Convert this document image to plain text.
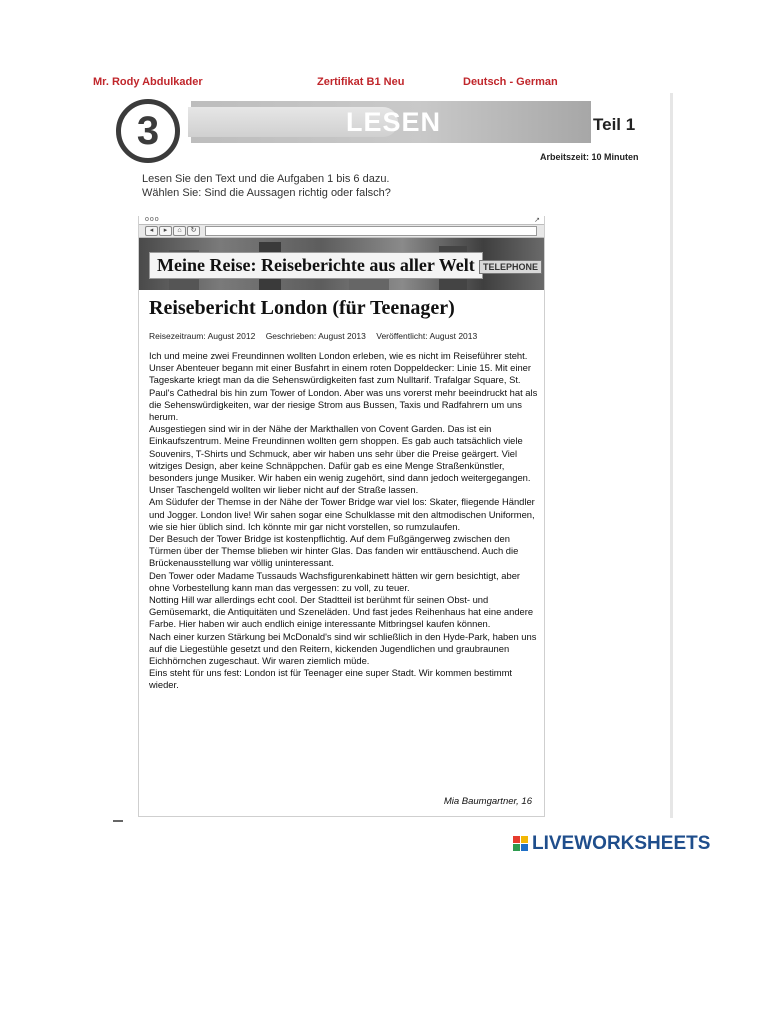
Mr. Rody Abdulkader	Zertifikat B1 Neu	Deutsch - German
3	LESEN	Teil 1
Arbeitszeit: 10 Minuten
Lesen Sie den Text und die Aufgaben 1 bis 6 dazu.
Wählen Sie: Sind die Aussagen richtig oder falsch?
ooo	↗
◂	▸	⌂	↻
Meine Reise: Reiseberichte aus aller Welt TELEPHONE
Reisebericht London (für Teenager)
Reisezeitraum: August 2012 Geschrieben: August 2013 Veröffentlicht: August 2013

Ich und meine zwei Freundinnen wollten London erleben, wie es nicht im Reiseführer steht. Unser Abenteuer begann mit einer Busfahrt in einem roten Doppeldecker: Linie 15. Mit einer Tageskarte kriegt man da die Sehenswürdigkeiten fast zum Nulltarif. Trafalgar Square, St. Paul's Cathedral bis hin zum Tower of London. Aber was uns vorerst mehr beeindruckt hat als die Sehenswürdigkeiten, war der riesige Strom aus Bussen, Taxis und Radfahrern um uns herum.

Ausgestiegen sind wir in der Nähe der Markthallen von Covent Garden. Das ist ein Einkaufszentrum. Meine Freundinnen wollten gern shoppen. Es gab auch tatsächlich viele Souvenirs, T-Shirts und Schmuck, aber wir haben uns sehr über die Preise geärgert. Viel witziges Design, aber keine Schnäppchen. Dafür gab es eine Menge Straßenkünstler, besonders junge Musiker. Wir haben ein wenig zugehört, sind dann jedoch weitergegangen. Unser Taschengeld wollten wir lieber nicht auf der Straße lassen.

Am Südufer der Themse in der Nähe der Tower Bridge war viel los: Skater, fliegende Händler und Jogger. London live! Wir sahen sogar eine Schulklasse mit den altmodischen Uniformen, wie sie hier üblich sind. Ich könnte mir gar nicht vorstellen, so rumzulaufen.

Der Besuch der Tower Bridge ist kostenpflichtig. Auf dem Fußgängerweg zwischen den Türmen über der Themse blieben wir hinter Glas. Das fanden wir enttäuschend. Auch die Brückenausstellung war völlig uninteressant.

Den Tower oder Madame Tussauds Wachsfigurenkabinett hätten wir gern besichtigt, aber ohne Vorbestellung kann man das vergessen: zu voll, zu teuer.

Notting Hill war allerdings echt cool. Der Stadtteil ist berühmt für seinen Obst- und Gemüsemarkt, die Antiquitäten und Szeneläden. Und fast jedes Reihenhaus hat eine andere Farbe. Hier haben wir auch endlich einige interessante Mitbringsel kaufen können.

Nach einer kurzen Stärkung bei McDonald's sind wir schließlich in den Hyde-Park, haben uns auf die Liegestühle gesetzt und den Reitern, kickenden Jugendlichen und graubraunen Eichhörnchen zugeschaut. Wir waren ziemlich müde.

Eins steht für uns fest: London ist für Teenager eine super Stadt. Wir kommen bestimmt wieder.

Mia Baumgartner, 16
LIVEWORKSHEETS
